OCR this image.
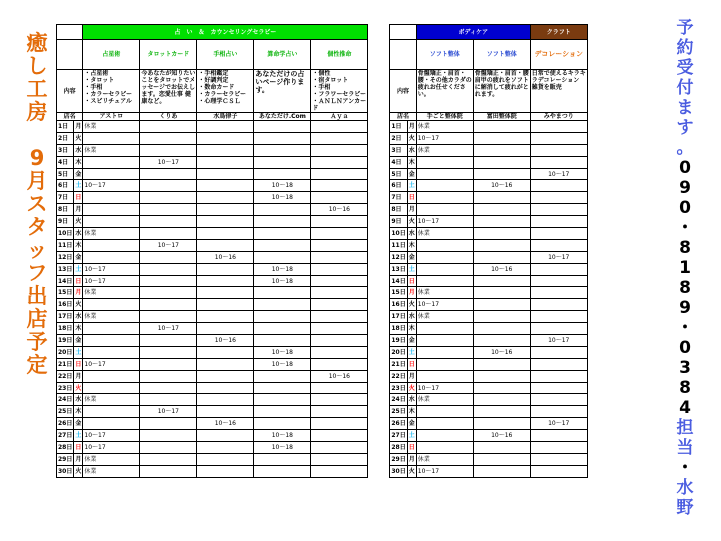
癒
し
工
房
9
月
ス
タ
ッ
フ
出
店
予
定
予
約
受
付
ま
す
。
0
9
0
・
8
1
8
9
・
0
3
8
4
担
当
・
水
野
		占　い　＆　カウンセリングセラピー								ボディケア		クラフト
		占星術	タロットカード	手相占い	算命学占い	個性推命				ソフト整体	ソフト整体	デコレーション
内容		・占星術
・タロット
・手相
・カラーセラピー
・スピリチュアル	今あなたが知りたいことをタロットでメッセージでお伝えします。恋愛仕事 健康など。	・手相鑑定
・好調判定
・数命カード
・カラーセラピー
・心理学ＣＳＬ	あなただけの占いページ作ります。	・個性
・宿タロット
・手相
・フラワーセラピー
・ＡＮＬＮアンカード		内容		骨盤矯正・肩首・腰・その他カラダの疲れお任せください。	骨盤矯正・肩首・腰　肩甲の疲れをソフトに解消して疲れがとれます。	日常で使えるキラキラデコレーション　雑貨を販売
店名		アストロ	くりあ	水鳥律子	あなただけ.Com	Ａｙａ		店名		手ごと整体院	富田整体院	みやまつり
1日	月	休業						1日	月	休業		
2日	火							2日	火	10～17		
3日	水	休業						3日	水	休業		
4日	木		10～17					4日	木			
5日	金							5日	金			10～17
6日	土	10～17			10～18			6日	土		10～16	
7日	日				10～18			7日	日			
8日	月					10～16		8日	月			
9日	火							9日	火	10～17		
10日	水	休業						10日	水	休業		
11日	木		10～17					11日	木			
12日	金			10～16				12日	金			10～17
13日	土	10～17			10～18			13日	土		10～16	
14日	日	10～17			10～18			14日	日			
15日	月	休業						15日	月	休業		
16日	火							16日	火	10～17		
17日	水	休業						17日	水	休業		
18日	木		10～17					18日	木			
19日	金			10～16				19日	金			10～17
20日	土				10～18			20日	土		10～16	
21日	日	10～17			10～18			21日	日			
22日	月					10～16		22日	月			
23日	火							23日	火	10～17		
24日	水	休業						24日	水	休業		
25日	木		10～17					25日	木			
26日	金			10～16				26日	金			10～17
27日	土	10～17			10～18			27日	土		10～16	
28日	日	10～17			10～18			28日	日			
29日	月	休業						29日	月	休業		
30日	火	休業						30日	火	10～17		
